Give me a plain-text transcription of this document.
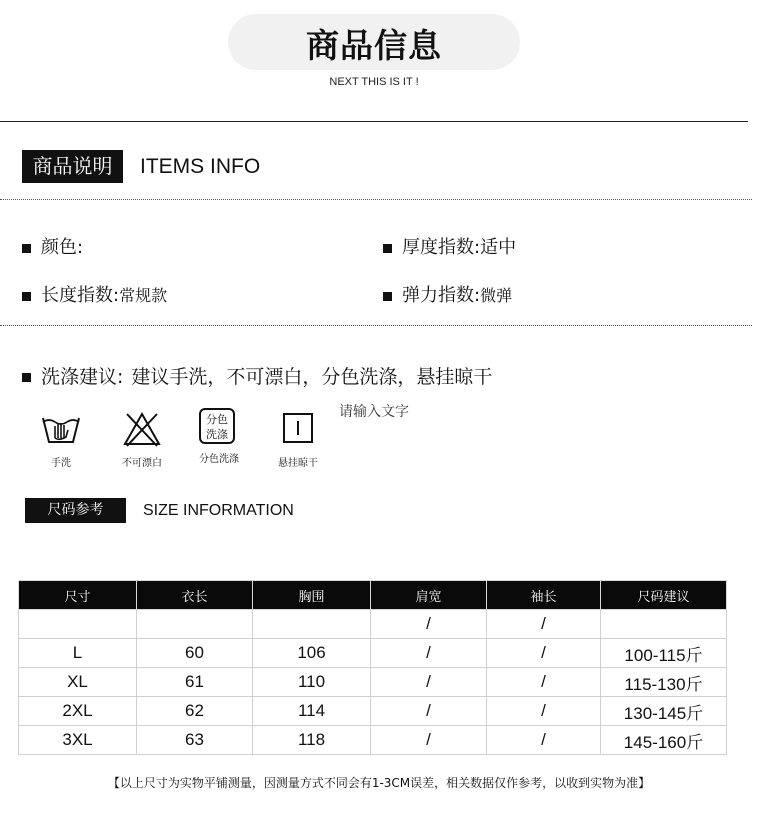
商品信息
NEXT THIS IS IT !
商品说明	ITEMS INFO
颜色:	厚度指数: 适中
长度指数: 常规款	弹力指数: 微弹
洗涤建议: 建议手洗，不可漂白，分色洗涤，悬挂晾干
手洗	不可漂白
分色
洗涤
分色洗涤	悬挂晾干
请输入文字
尺码参考	SIZE INFORMATION
尺寸	衣长	胸围	肩宽	袖长	尺码建议
			/	/	
L	60	106	/	/	100-115斤
XL	61	110	/	/	115-130斤
2XL	62	114	/	/	130-145斤
3XL	63	118	/	/	145-160斤
【以上尺寸为实物平铺测量，因测量方式不同会有1-3CM误差，相关数据仅作参考，以收到实物为准】
